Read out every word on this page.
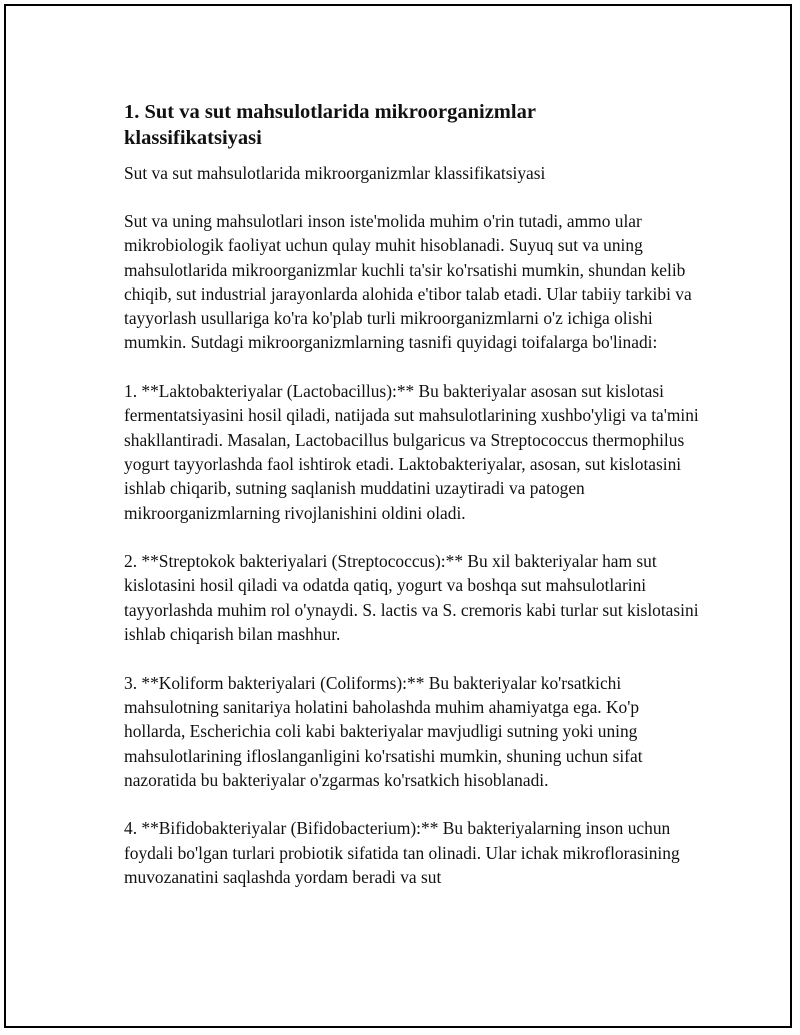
1. Sut va sut mahsulotlarida mikroorganizmlar
klassifikatsiyasi

Sut va sut mahsulotlarida mikroorganizmlar klassifikatsiyasi

Sut va uning mahsulotlari inson iste'molida muhim o'rin tutadi, ammo ular mikrobiologik faoliyat uchun qulay muhit hisoblanadi. Suyuq sut va uning mahsulotlarida mikroorganizmlar kuchli ta'sir ko'rsatishi mumkin, shundan kelib chiqib, sut industrial jarayonlarda alohida e'tibor talab etadi. Ular tabiiy tarkibi va tayyorlash usullariga ko'ra ko'plab turli mikroorganizmlarni o'z ichiga olishi mumkin. Sutdagi mikroorganizmlarning tasnifi quyidagi toifalarga bo'linadi:

1. **Laktobakteriyalar (Lactobacillus):** Bu bakteriyalar asosan sut kislotasi fermentatsiyasini hosil qiladi, natijada sut mahsulotlarining xushbo'yligi va ta'mini shakllantiradi. Masalan, Lactobacillus bulgaricus va Streptococcus thermophilus yogurt tayyorlashda faol ishtirok etadi. Laktobakteriyalar, asosan, sut kislotasini ishlab chiqarib, sutning saqlanish muddatini uzaytiradi va patogen mikroorganizmlarning rivojlanishini oldini oladi.

2. **Streptokok bakteriyalari (Streptococcus):** Bu xil bakteriyalar ham sut kislotasini hosil qiladi va odatda qatiq, yogurt va boshqa sut mahsulotlarini tayyorlashda muhim rol o'ynaydi. S. lactis va S. cremoris kabi turlar sut kislotasini ishlab chiqarish bilan mashhur.

3. **Koliform bakteriyalari (Coliforms):** Bu bakteriyalar ko'rsatkichi mahsulotning sanitariya holatini baholashda muhim ahamiyatga ega. Ko'p hollarda, Escherichia coli kabi bakteriyalar mavjudligi sutning yoki uning mahsulotlarining ifloslanganligini ko'rsatishi mumkin, shuning uchun sifat nazoratida bu bakteriyalar o'zgarmas ko'rsatkich hisoblanadi.

4. **Bifidobakteriyalar (Bifidobacterium):** Bu bakteriyalarning inson uchun foydali bo'lgan turlari probiotik sifatida tan olinadi. Ular ichak mikroflorasining muvozanatini saqlashda yordam beradi va sut
